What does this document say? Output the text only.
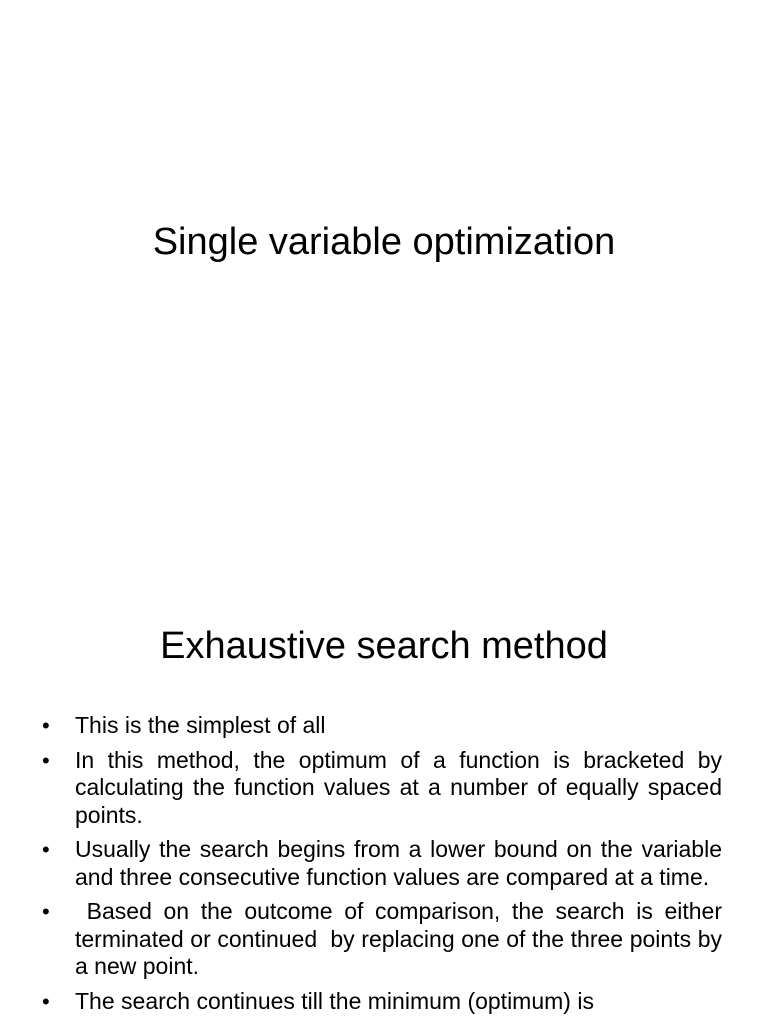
Single variable optimization
Exhaustive search method
• This is the simplest of all
• In this method, the optimum of a function is bracketed by calculating the function values at a number of equally spaced points.
• Usually the search begins from a lower bound on the variable and three consecutive function values are compared at a time.
• Based on the outcome of comparison, the search is either terminated or continued  by replacing one of the three points by a new point.
• The search continues till the minimum (optimum) is
